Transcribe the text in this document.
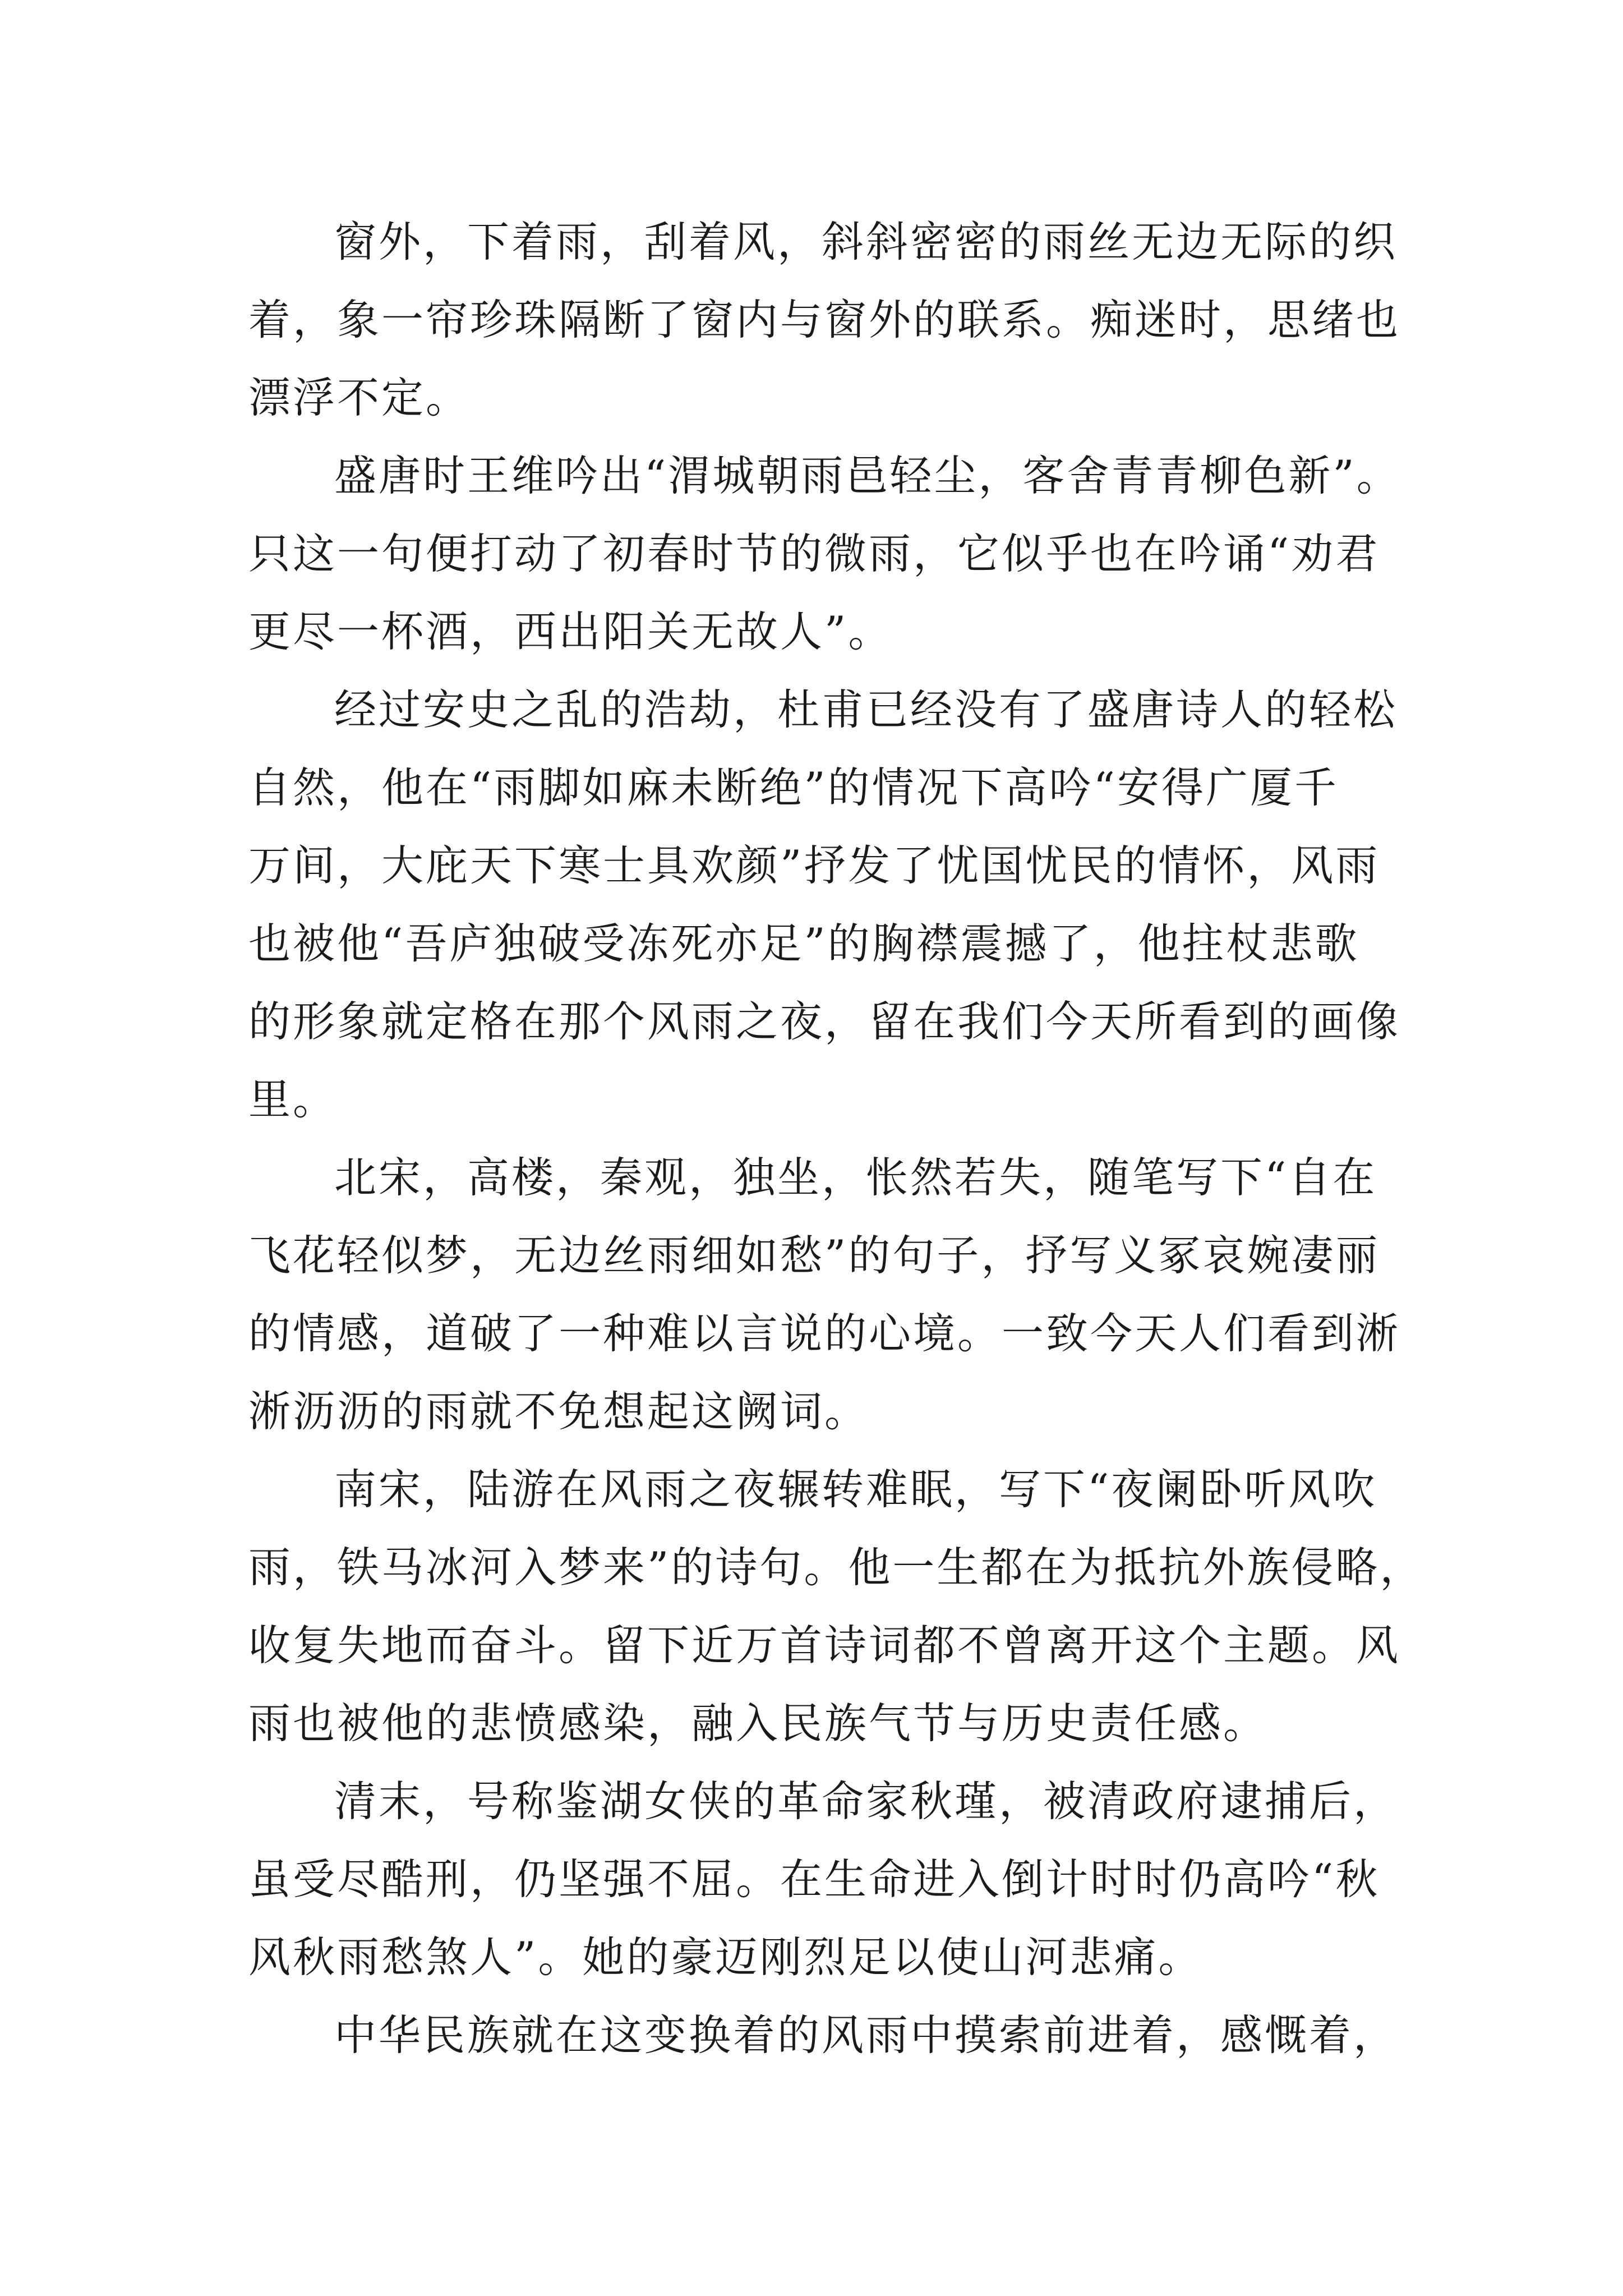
窗外，下着雨，刮着风，斜斜密密的雨丝无边无际的织
着，象一帘珍珠隔断了窗内与窗外的联系。痴迷时，思绪也
漂浮不定。
盛唐时王维吟出“渭城朝雨邑轻尘，客舍青青柳色新”。
只这一句便打动了初春时节的微雨，它似乎也在吟诵“劝君
更尽一杯酒，西出阳关无故人”。
经过安史之乱的浩劫，杜甫已经没有了盛唐诗人的轻松
自然，他在“雨脚如麻未断绝”的情况下高吟“安得广厦千
万间，大庇天下寒士具欢颜”抒发了忧国忧民的情怀，风雨
也被他“吾庐独破受冻死亦足”的胸襟震撼了，他拄杖悲歌
的形象就定格在那个风雨之夜，留在我们今天所看到的画像
里。
北宋，高楼，秦观，独坐，怅然若失，随笔写下“自在
飞花轻似梦，无边丝雨细如愁”的句子，抒写义冢哀婉凄丽
的情感，道破了一种难以言说的心境。一致今天人们看到淅
淅沥沥的雨就不免想起这阙词。
南宋，陆游在风雨之夜辗转难眠，写下“夜阑卧听风吹
雨，铁马冰河入梦来”的诗句。他一生都在为抵抗外族侵略，
收复失地而奋斗。留下近万首诗词都不曾离开这个主题。风
雨也被他的悲愤感染，融入民族气节与历史责任感。
清末，号称鉴湖女侠的革命家秋瑾，被清政府逮捕后，
虽受尽酷刑，仍坚强不屈。在生命进入倒计时时仍高吟“秋
风秋雨愁煞人”。她的豪迈刚烈足以使山河悲痛。
中华民族就在这变换着的风雨中摸索前进着，感慨着，
